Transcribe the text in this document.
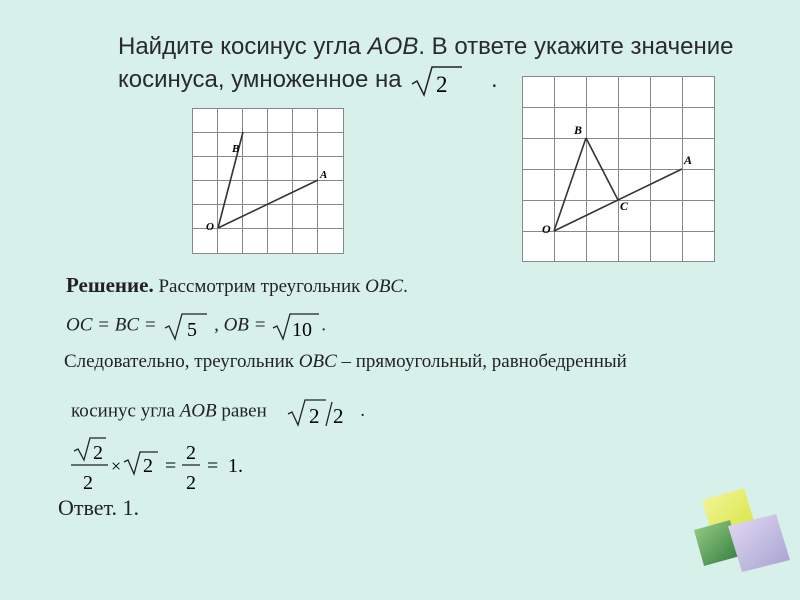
Найдите косинус угла AOB. В ответе укажите значение
косинуса, умноженное на 2 .
O
A
B
O
A
B
C
Решение. Рассмотрим треугольник OBC.
OC = BC = 5 , OB = 10 .
Следовательно, треугольник OBC – прямоугольный, равнобедренный
косинус угла AOB равен 2 2 .
2
2
× 2 =
2
2
= 1.
Ответ. 1.
